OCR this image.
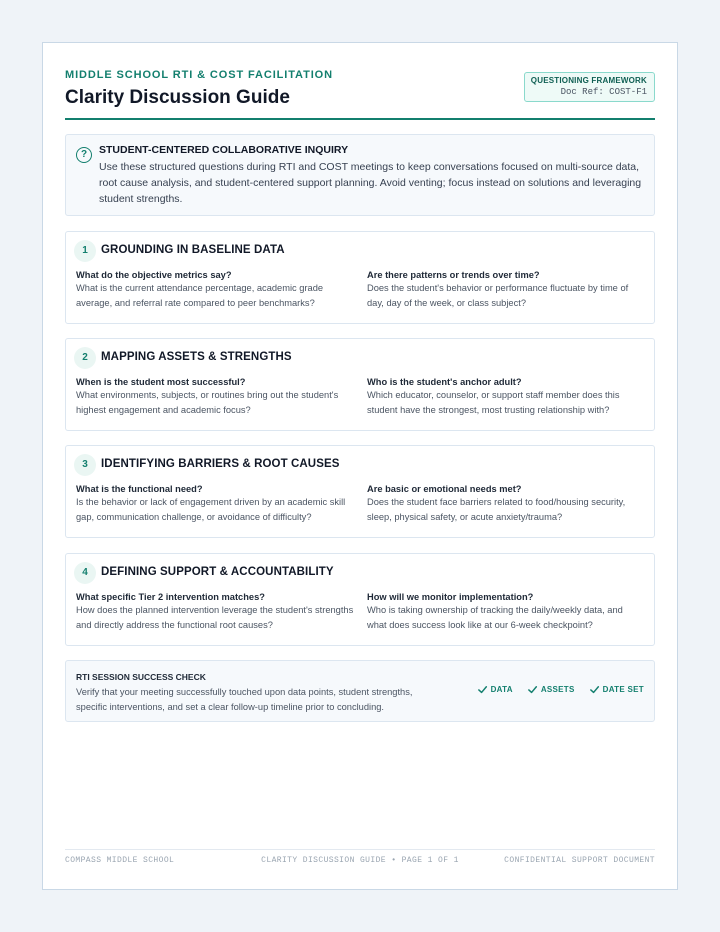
MIDDLE SCHOOL RTI & COST FACILITATION
Clarity Discussion Guide
QUESTIONING FRAMEWORK
Doc Ref: COST-F1
?	STUDENT-CENTERED COLLABORATIVE INQUIRY
Use these structured questions during RTI and COST meetings to keep conversations focused on multi-source data, root cause analysis, and student-centered support planning. Avoid venting; focus instead on solutions and leveraging student strengths.
1	GROUNDING IN BASELINE DATA
What do the objective metrics say?
What is the current attendance percentage, academic grade average, and referral rate compared to peer benchmarks?
Are there patterns or trends over time?
Does the student's behavior or performance fluctuate by time of day, day of the week, or class subject?
2	MAPPING ASSETS & STRENGTHS
When is the student most successful?
What environments, subjects, or routines bring out the student's highest engagement and academic focus?
Who is the student's anchor adult?
Which educator, counselor, or support staff member does this student have the strongest, most trusting relationship with?
3	IDENTIFYING BARRIERS & ROOT CAUSES
What is the functional need?
Is the behavior or lack of engagement driven by an academic skill gap, communication challenge, or avoidance of difficulty?
Are basic or emotional needs met?
Does the student face barriers related to food/housing security, sleep, physical safety, or acute anxiety/trauma?
4	DEFINING SUPPORT & ACCOUNTABILITY
What specific Tier 2 intervention matches?
How does the planned intervention leverage the student's strengths and directly address the functional root causes?
How will we monitor implementation?
Who is taking ownership of tracking the daily/weekly data, and what does success look like at our 6-week checkpoint?
RTI SESSION SUCCESS CHECK
Verify that your meeting successfully touched upon data points, student strengths, specific interventions, and set a clear follow-up timeline prior to concluding.
DATA	ASSETS	DATE SET
COMPASS MIDDLE SCHOOL	CLARITY DISCUSSION GUIDE • PAGE 1 OF 1	CONFIDENTIAL SUPPORT DOCUMENT
